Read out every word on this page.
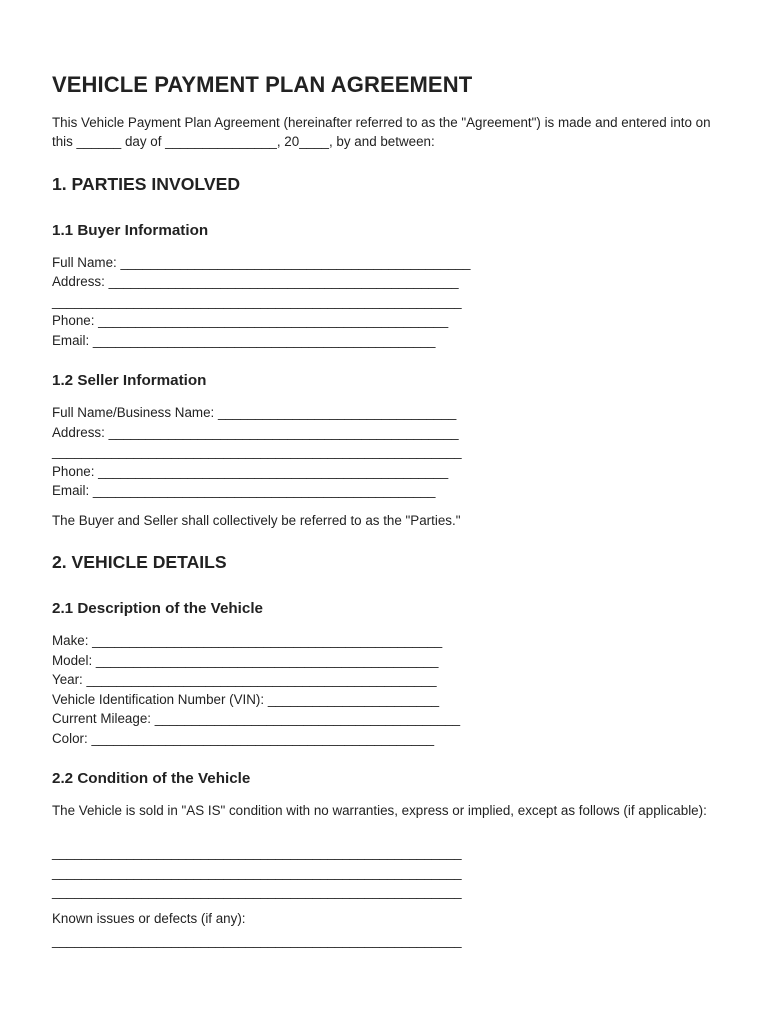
VEHICLE PAYMENT PLAN AGREEMENT

This Vehicle Payment Plan Agreement (hereinafter referred to as the "Agreement") is made and entered into on this ______ day of _______________, 20____, by and between:

1. PARTIES INVOLVED
1.1 Buyer Information
Full Name: _______________________________________________
Address: _______________________________________________
_______________________________________________________
Phone: _______________________________________________
Email: ______________________________________________
1.2 Seller Information
Full Name/Business Name: ________________________________
Address: _______________________________________________
_______________________________________________________
Phone: _______________________________________________
Email: ______________________________________________

The Buyer and Seller shall collectively be referred to as the "Parties."

2. VEHICLE DETAILS
2.1 Description of the Vehicle
Make: _______________________________________________
Model: ______________________________________________
Year: _______________________________________________
Vehicle Identification Number (VIN): _______________________
Current Mileage: _________________________________________
Color: ______________________________________________
2.2 Condition of the Vehicle

The Vehicle is sold in "AS IS" condition with no warranties, express or implied, except as follows (if applicable):

_______________________________________________________
_______________________________________________________
_______________________________________________________
Known issues or defects (if any):
_______________________________________________________
